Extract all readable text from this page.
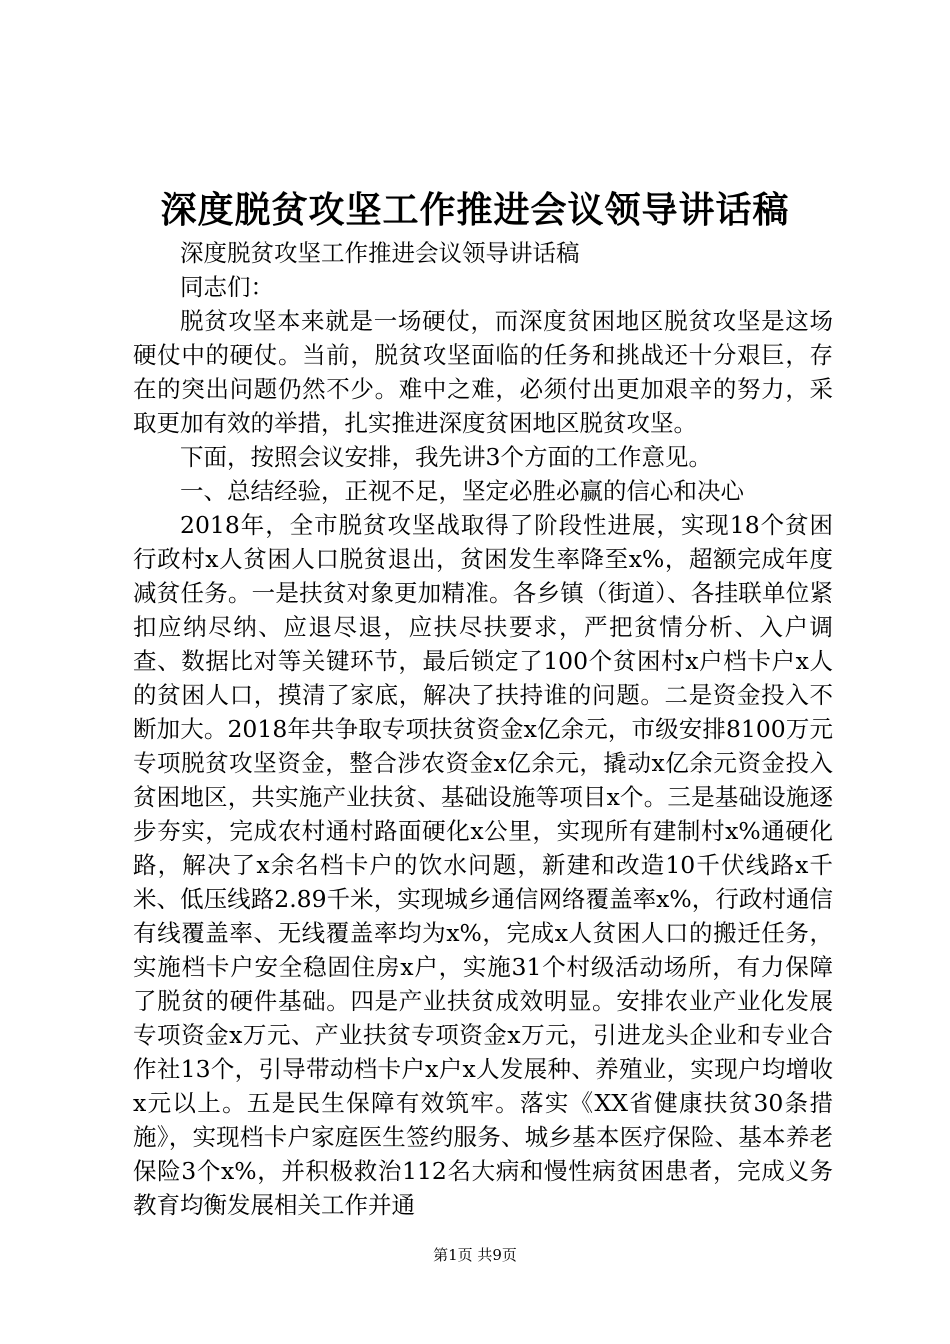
深度脱贫攻坚工作推进会议领导讲话稿

深度脱贫攻坚工作推进会议领导讲话稿

同志们：

脱贫攻坚本来就是一场硬仗，而深度贫困地区脱贫攻坚是这场硬仗中的硬仗。当前，脱贫攻坚面临的任务和挑战还十分艰巨，存在的突出问题仍然不少。难中之难，必须付出更加艰辛的努力，采取更加有效的举措，扎实推进深度贫困地区脱贫攻坚。

下面，按照会议安排，我先讲3个方面的工作意见。

一、总结经验，正视不足，坚定必胜必赢的信心和决心

2018年，全市脱贫攻坚战取得了阶段性进展，实现18个贫困行政村x人贫困人口脱贫退出，贫困发生率降至x%，超额完成年度减贫任务。一是扶贫对象更加精准。各乡镇（街道）、各挂联单位紧扣应纳尽纳、应退尽退，应扶尽扶要求，严把贫情分析、入户调查、数据比对等关键环节，最后锁定了100个贫困村x户档卡户x人的贫困人口，摸清了家底，解决了扶持谁的问题。二是资金投入不断加大。2018年共争取专项扶贫资金x亿余元，市级安排8100万元专项脱贫攻坚资金，整合涉农资金x亿余元，撬动x亿余元资金投入贫困地区，共实施产业扶贫、基础设施等项目x个。三是基础设施逐步夯实，完成农村通村路面硬化x公里，实现所有建制村x%通硬化路，解决了x余名档卡户的饮水问题，新建和改造10千伏线路x千米、低压线路2.89千米，实现城乡通信网络覆盖率x%，行政村通信有线覆盖率、无线覆盖率均为x%，完成x人贫困人口的搬迁任务，实施档卡户安全稳固住房x户，实施31个村级活动场所，有力保障了脱贫的硬件基础。四是产业扶贫成效明显。安排农业产业化发展专项资金x万元、产业扶贫专项资金x万元，引进龙头企业和专业合作社13个，引导带动档卡户x户x人发展种、养殖业，实现户均增收x元以上。五是民生保障有效筑牢。落实《XX省健康扶贫30条措施》，实现档卡户家庭医生签约服务、城乡基本医疗保险、基本养老保险3个x%，并积极救治112名大病和慢性病贫困患者，完成义务教育均衡发展相关工作并通

第1页 共9页
